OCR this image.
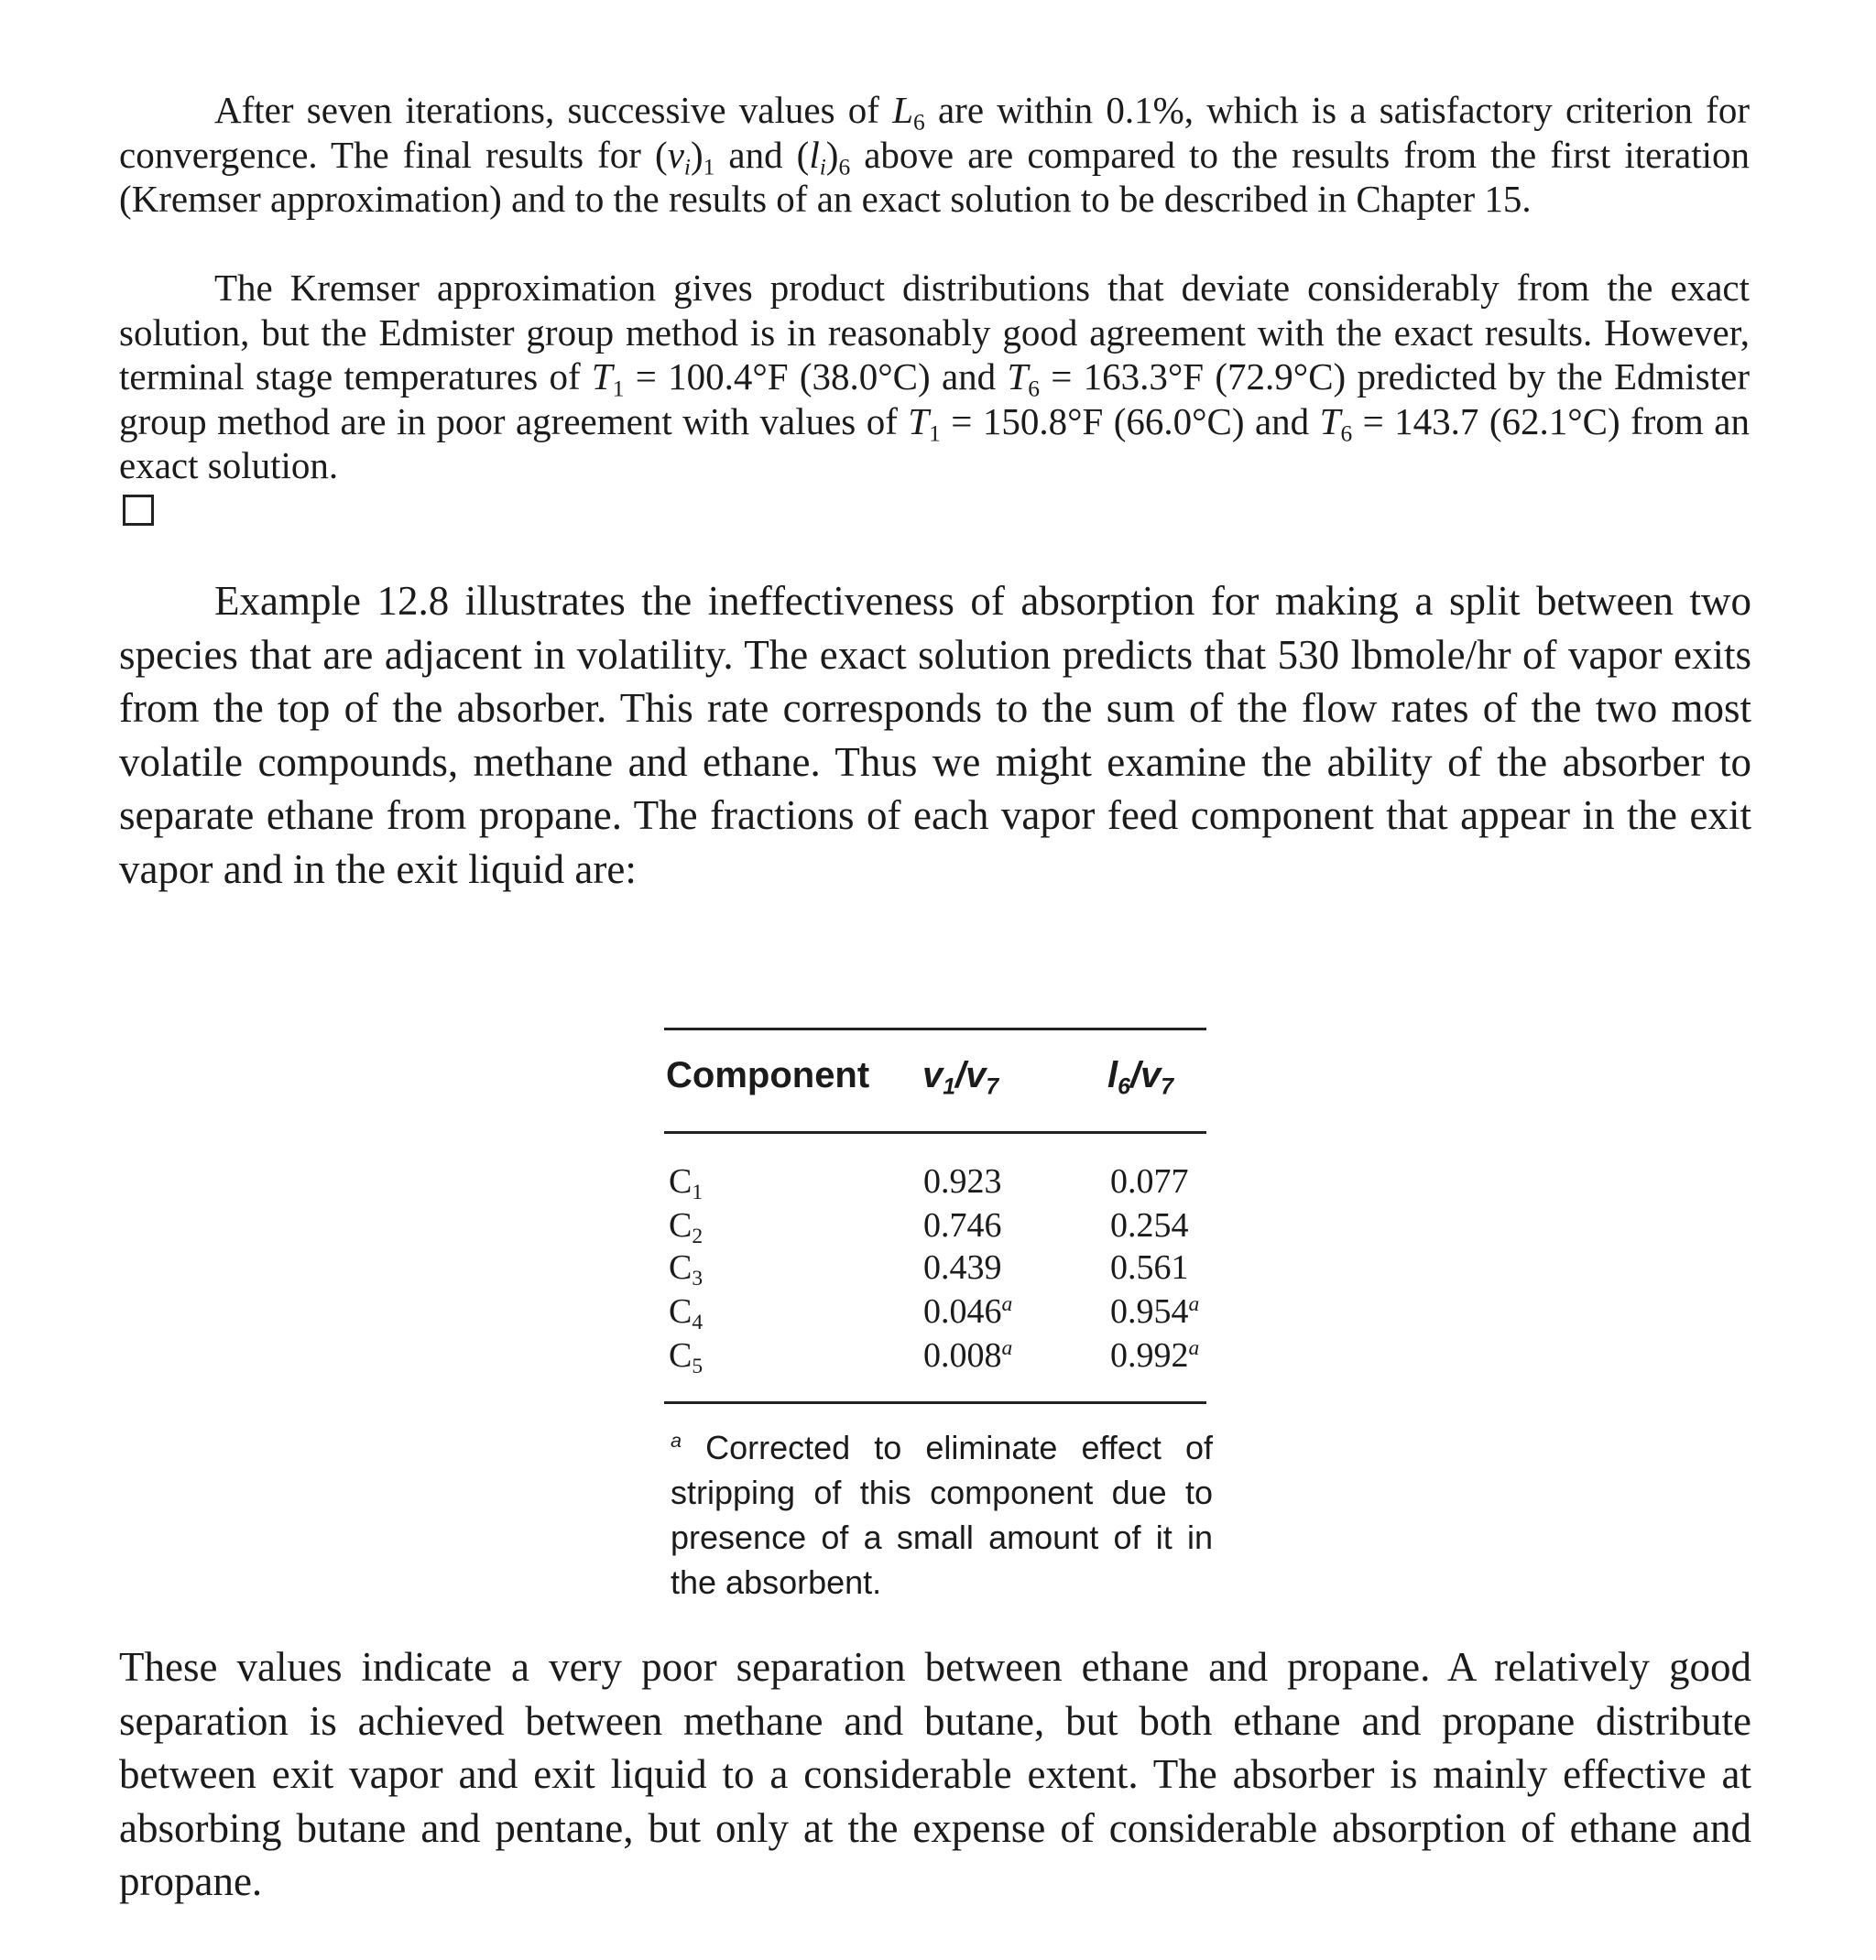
After seven iterations, successive values of $L_6$ are within 0.1%, which is a satisfactory criterion for convergence. The final results for $(v_i)_1$ and $(l_i)_6$ above are compared to the results from the first iteration (Kremser approximation) and to the results of an exact solution to be described in Chapter 15.

The Kremser approximation gives product distributions that deviate considerably from the exact solution, but the Edmister group method is in reasonably good agreement with the exact results. However, terminal stage temperatures of $T_1 = 100.4^\circ F$ (38.0°C) and $T_6 = 163.3^\circ F$ (72.9°C) predicted by the Edmister group method are in poor agreement with values of $T_1 = 150.8^\circ F$ (66.0°C) and $T_6 = 143.7$ (62.1°C) from an exact solution.

Example 12.8 illustrates the ineffectiveness of absorption for making a split between two species that are adjacent in volatility. The exact solution predicts that 530 lbmole/hr of vapor exits from the top of the absorber. This rate corresponds to the sum of the flow rates of the two most volatile compounds, methane and ethane. Thus we might examine the ability of the absorber to separate ethane from propane. The fractions of each vapor feed component that appear in the exit vapor and in the exit liquid are:

Component $v_1/v_7$	$l_6/v_7$
$C_1$	0.923	0.077
$C_2$	0.746	0.254
$C_3$	0.439	0.561
$C_4$	0.046$^a$	0.954$^a$
$C_5$	0.008$^a$	0.992$^a$

$^a$ Corrected to eliminate effect of stripping of this component due to presence of a small amount of it in the absorbent.

These values indicate a very poor separation between ethane and propane. A relatively good separation is achieved between methane and butane, but both ethane and propane distribute between exit vapor and exit liquid to a considerable extent. The absorber is mainly effective at absorbing butane and pentane, but only at the expense of considerable absorption of ethane and propane.
